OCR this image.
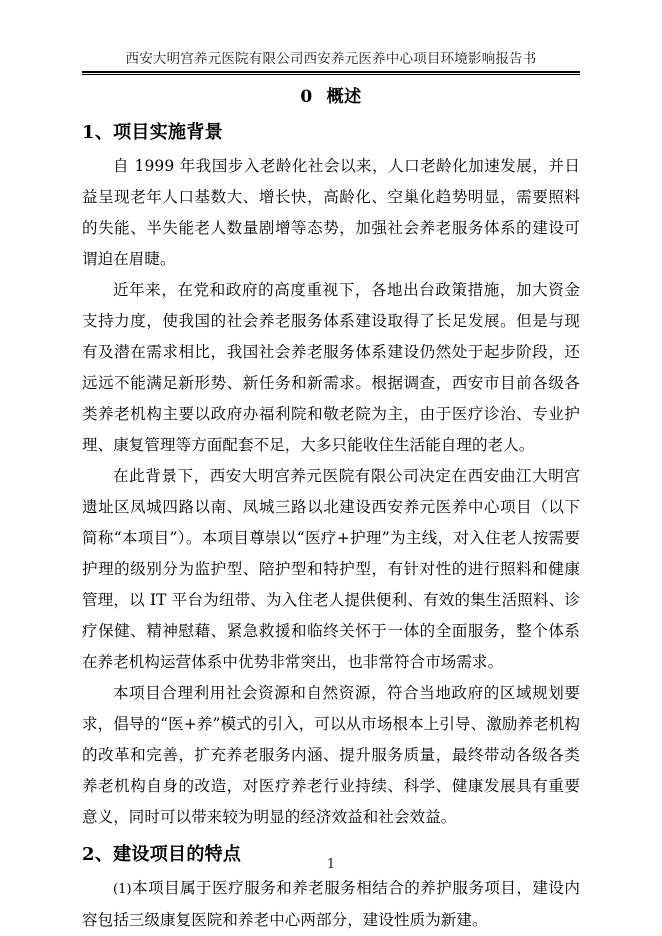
西安大明宫养元医院有限公司西安养元医养中心项目环境影响报告书
0 概述
1、项目实施背景

自 1999 年我国步入老龄化社会以来，人口老龄化加速发展，并日益呈现老年人口基数大、增长快，高龄化、空巢化趋势明显，需要照料的失能、半失能老人数量剧增等态势，加强社会养老服务体系的建设可谓迫在眉睫。

近年来，在党和政府的高度重视下，各地出台政策措施，加大资金支持力度，使我国的社会养老服务体系建设取得了长足发展。但是与现有及潜在需求相比，我国社会养老服务体系建设仍然处于起步阶段，还远远不能满足新形势、新任务和新需求。根据调查，西安市目前各级各类养老机构主要以政府办福利院和敬老院为主，由于医疗诊治、专业护理、康复管理等方面配套不足，大多只能收住生活能自理的老人。

在此背景下，西安大明宫养元医院有限公司决定在西安曲江大明宫遗址区凤城四路以南、凤城三路以北建设西安养元医养中心项目（以下简称“本项目”）。本项目尊崇以“医疗+护理”为主线，对入住老人按需要护理的级别分为监护型、陪护型和特护型，有针对性的进行照料和健康管理，以 IT 平台为纽带、为入住老人提供便利、有效的集生活照料、诊疗保健、精神慰藉、紧急救援和临终关怀于一体的全面服务，整个体系在养老机构运营体系中优势非常突出，也非常符合市场需求。

本项目合理利用社会资源和自然资源，符合当地政府的区域规划要求，倡导的“医+养”模式的引入，可以从市场根本上引导、激励养老机构的改革和完善，扩充养老服务内涵、提升服务质量，最终带动各级各类养老机构自身的改造，对医疗养老行业持续、科学、健康发展具有重要意义，同时可以带来较为明显的经济效益和社会效益。

2、建设项目的特点

(1)本项目属于医疗服务和养老服务相结合的养护服务项目，建设内容包括三级康复医院和养老中心两部分，建设性质为新建。

1
